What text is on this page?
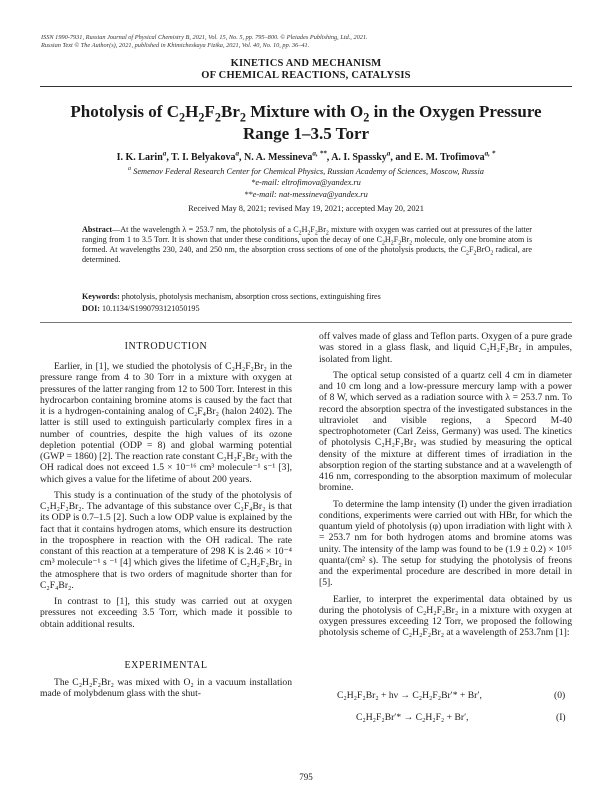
ISSN 1990-7931, Russian Journal of Physical Chemistry B, 2021, Vol. 15, No. 5, pp. 795–800. © Pleiades Publishing, Ltd., 2021.
Russian Text © The Author(s), 2021, published in Khimicheskaya Fizika, 2021, Vol. 40, No. 10, pp. 36–41.
KINETICS AND MECHANISM
OF CHEMICAL REACTIONS, CATALYSIS
Photolysis of $C_2H_2F_2Br_2$ Mixture with $O_2$ in the Oxygen Pressure
Range 1–3.5 Torr
I. K. Larin$^a$, T. I. Belyakova$^a$, N. A. Messineva$^{a, **}$, A. I. Spassky$^a$, and E. M. Trofimova$^{a, *}$
$^a$ Semenov Federal Research Center for Chemical Physics, Russian Academy of Sciences, Moscow, Russia
*e-mail: eltrofimova@yandex.ru
**e-mail: nat-messineva@yandex.ru
Received May 8, 2021; revised May 19, 2021; accepted May 20, 2021
Abstract—At the wavelength λ = 253.7 nm, the photolysis of a $C_2H_2F_2Br_2$ mixture with oxygen was carried out at pressures of the latter ranging from 1 to 3.5 Torr. It is shown that under these conditions, upon the decay of one $C_2H_2F_2Br_2$ molecule, only one bromine atom is formed. At wavelengths 230, 240, and 250 nm, the absorption cross sections of one of the photolysis products, the $C_2F_2BrO_2$ radical, are determined.
Keywords: photolysis, photolysis mechanism, absorption cross sections, extinguishing fires
DOI: 10.1134/S1990793121050195
INTRODUCTION

Earlier, in [1], we studied the photolysis of C₂H₂F₂Br₂ in the pressure range from 4 to 30 Torr in a mixture with oxygen at pressures of the latter ranging from 12 to 500 Torr. Interest in this hydrocarbon containing bromine atoms is caused by the fact that it is a hydrogen-containing analog of C₂F₄Br₂ (halon 2402). The latter is still used to extinguish particularly complex fires in a number of countries, despite the high values of its ozone depletion potential (ODP = 8) and global warming potential (GWP = 1860) [2]. The reaction rate constant C₂H₂F₂Br₂ with the OH radical does not exceed 1.5 × 10⁻¹⁶ cm³ molecule⁻¹ s⁻¹ [3], which gives a value for the lifetime of about 200 years.

This study is a continuation of the study of the photolysis of C₂H₂F₂Br₂. The advantage of this substance over C₂F₄Br₂ is that its ODP is 0.7–1.5 [2]. Such a low ODP value is explained by the fact that it contains hydrogen atoms, which ensure its destruction in the troposphere in reaction with the OH radical. The rate constant of this reaction at a temperature of 298 K is 2.46 × 10⁻⁴ cm³ molecule⁻¹ s ⁻¹ [4] which gives the lifetime of C₂H₂F₂Br₂ in the atmosphere that is two orders of magnitude shorter than for C₂F₄Br₂.

In contrast to [1], this study was carried out at oxygen pressures not exceeding 3.5 Torr, which made it possible to obtain additional results.

EXPERIMENTAL

The C₂H₂F₂Br₂ was mixed with O₂ in a vacuum installation made of molybdenum glass with the shut-

off valves made of glass and Teflon parts. Oxygen of a pure grade was stored in a glass flask, and liquid C₂H₂F₂Br₂ in ampules, isolated from light.

The optical setup consisted of a quartz cell 4 cm in diameter and 10 cm long and a low-pressure mercury lamp with a power of 8 W, which served as a radiation source with λ = 253.7 nm. To record the absorption spectra of the investigated substances in the ultraviolet and visible regions, a Specord M-40 spectrophotometer (Carl Zeiss, Germany) was used. The kinetics of photolysis C₂H₂F₂Br₂ was studied by measuring the optical density of the mixture at different times of irradiation in the absorption region of the starting substance and at a wavelength of 416 nm, corresponding to the absorption maximum of molecular bromine.

To determine the lamp intensity (I) under the given irradiation conditions, experiments were carried out with HBr, for which the quantum yield of photolysis (φ) upon irradiation with light with λ = 253.7 nm for both hydrogen atoms and bromine atoms was unity. The intensity of the lamp was found to be (1.9 ± 0.2) × 10¹⁵ quanta/(cm² s). The setup for studying the photolysis of freons and the experimental procedure are described in more detail in [5].

Earlier, to interpret the experimental data obtained by us during the photolysis of C₂H₂F₂Br₂ in a mixture with oxygen at oxygen pressures exceeding 12 Torr, we proposed the following photolysis scheme of C₂H₂F₂Br₂ at a wavelength of 253.7nm [1]:

C₂H₂F₂Br₂ + hν → C₂H₂F₂Br′* + Br′,	(0)
C₂H₂F₂Br′* → C₂H₂F₂ + Br′,	(I)
795
